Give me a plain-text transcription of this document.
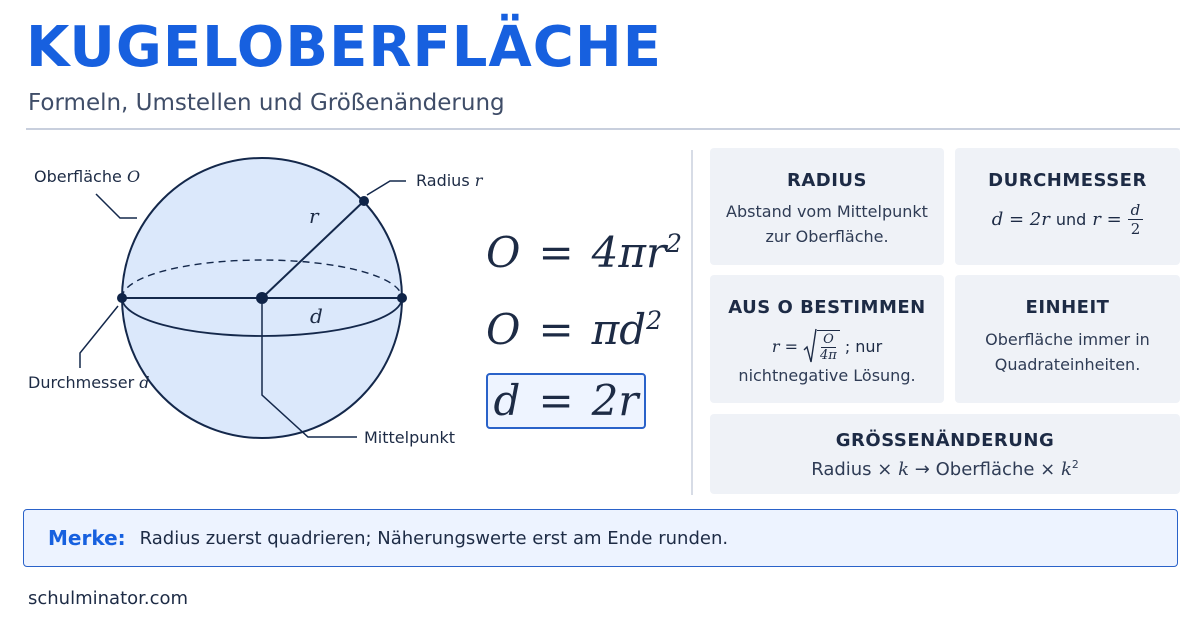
KUGELOBERFLÄCHE
Formeln, Umstellen und Größenänderung
r
d
Oberfläche O	Radius r
Durchmesser d
Mittelpunkt
$O = 4\pi r^2$
$O = \pi d^2$
d = 2r
RADIUS
Abstand vom Mittelpunkt
zur Oberfläche.
DURCHMESSER
d = 2r und $r = \frac{d}{2}$
AUS O BESTIMMEN
r = O
4π ; nur
nichtnegative Lösung.
EINHEIT
Oberfläche immer in
Quadrateinheiten.
GRÖSSENÄNDERUNG
Radius × k → Oberfläche × $k^2$
Merke: Radius zuerst quadrieren; Näherungswerte erst am Ende runden.
schulminator.com
